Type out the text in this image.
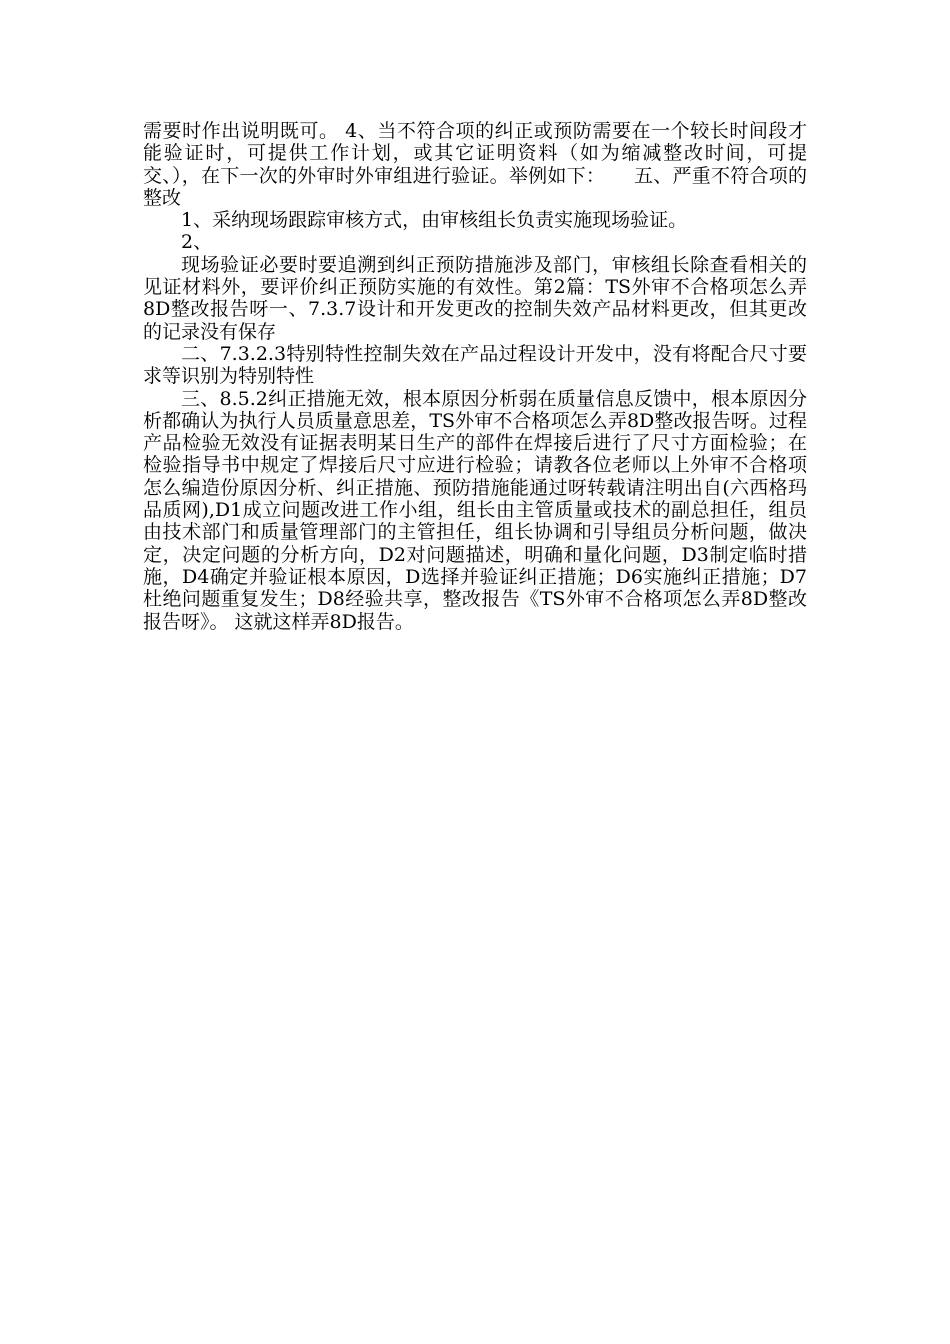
需要时作出说明既可。 4、当不符合项的纠正或预防需要在一个较长时间段才能验证时，可提供工作计划，或其它证明资料（如为缩减整改时间，可提交、），在下一次的外审时外审组进行验证。举例如下：　　五、严重不符合项的整改

1、采纳现场跟踪审核方式，由审核组长负责实施现场验证。

2、

现场验证必要时要追溯到纠正预防措施涉及部门，审核组长除查看相关的见证材料外，要评价纠正预防实施的有效性。第2篇：TS外审不合格项怎么弄8D整改报告呀一、7.3.7设计和开发更改的控制失效产品材料更改，但其更改的记录没有保存

二、7.3.2.3特别特性控制失效在产品过程设计开发中，没有将配合尺寸要求等识别为特别特性

三、8.5.2纠正措施无效，根本原因分析弱在质量信息反馈中，根本原因分析都确认为执行人员质量意思差，TS外审不合格项怎么弄8D整改报告呀。过程产品检验无效没有证据表明某日生产的部件在焊接后进行了尺寸方面检验；在检验指导书中规定了焊接后尺寸应进行检验；请教各位老师以上外审不合格项怎么编造份原因分析、纠正措施、预防措施能通过呀转载请注明出自(六西格玛品质网),D1成立问题改进工作小组，组长由主管质量或技术的副总担任，组员由技术部门和质量管理部门的主管担任，组长协调和引导组员分析问题，做决定，决定问题的分析方向，D2对问题描述，明确和量化问题，D3制定临时措施，D4确定并验证根本原因，D选择并验证纠正措施；D6实施纠正措施；D7杜绝问题重复发生；D8经验共享，整改报告《TS外审不合格项怎么弄8D整改报告呀》。 这就这样弄8D报告。
